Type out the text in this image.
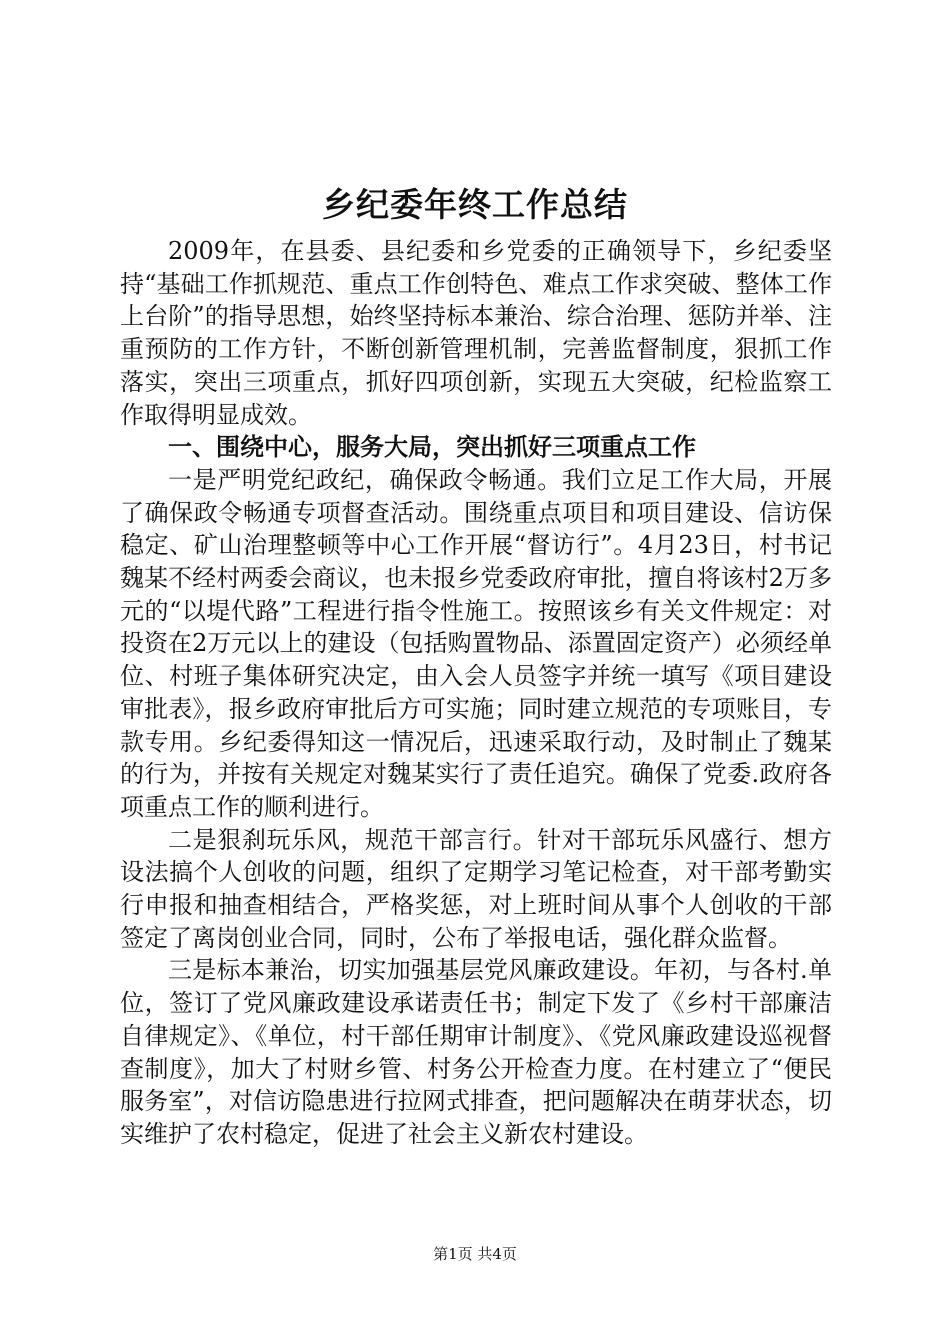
乡纪委年终工作总结

2009年，在县委、县纪委和乡党委的正确领导下，乡纪委坚持“基础工作抓规范、重点工作创特色、难点工作求突破、整体工作上台阶”的指导思想，始终坚持标本兼治、综合治理、惩防并举、注重预防的工作方针，不断创新管理机制，完善监督制度，狠抓工作落实，突出三项重点，抓好四项创新，实现五大突破，纪检监察工作取得明显成效。

一、围绕中心，服务大局，突出抓好三项重点工作

一是严明党纪政纪，确保政令畅通。我们立足工作大局，开展了确保政令畅通专项督查活动。围绕重点项目和项目建设、信访保稳定、矿山治理整顿等中心工作开展“督访行”。4月23日，村书记魏某不经村两委会商议，也未报乡党委政府审批，擅自将该村2万多元的“以堤代路”工程进行指令性施工。按照该乡有关文件规定：对投资在2万元以上的建设（包括购置物品、添置固定资产）必须经单位、村班子集体研究决定，由入会人员签字并统一填写《项目建设审批表》，报乡政府审批后方可实施；同时建立规范的专项账目，专款专用。乡纪委得知这一情况后，迅速采取行动，及时制止了魏某的行为，并按有关规定对魏某实行了责任追究。确保了党委.政府各项重点工作的顺利进行。

二是狠刹玩乐风，规范干部言行。针对干部玩乐风盛行、想方设法搞个人创收的问题，组织了定期学习笔记检查，对干部考勤实行申报和抽查相结合，严格奖惩，对上班时间从事个人创收的干部签定了离岗创业合同，同时，公布了举报电话，强化群众监督。

三是标本兼治，切实加强基层党风廉政建设。年初，与各村.单位，签订了党风廉政建设承诺责任书；制定下发了《乡村干部廉洁自律规定》、《单位，村干部任期审计制度》、《党风廉政建设巡视督查制度》，加大了村财乡管、村务公开检查力度。在村建立了“便民服务室”，对信访隐患进行拉网式排查，把问题解决在萌芽状态，切实维护了农村稳定，促进了社会主义新农村建设。

第1页 共4页
